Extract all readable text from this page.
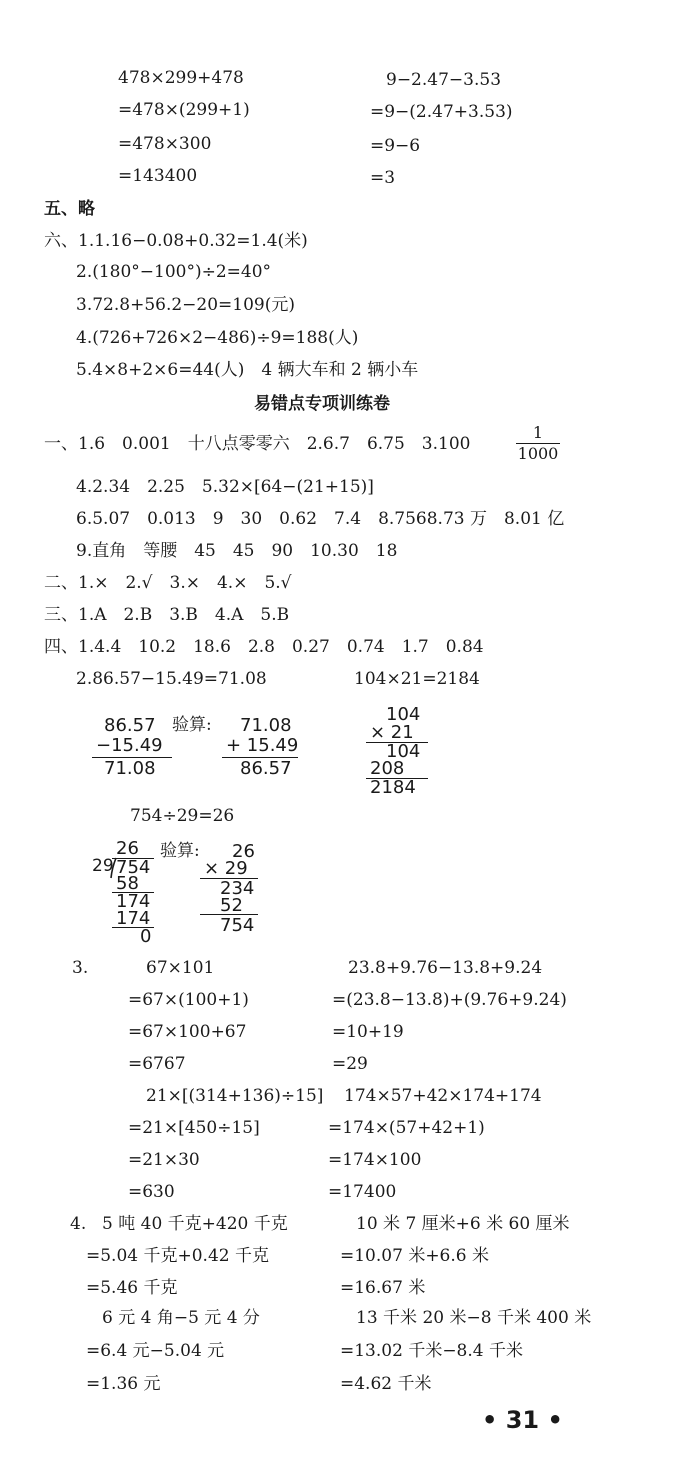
478×299+478
=478×(299+1)
=478×300
=143400
9−2.47−3.53
=9−(2.47+3.53)
=9−6
=3
五、略
六、1.1.16−0.08+0.32=1.4(米)
2.(180°−100°)÷2=40°
3.72.8+56.2−20=109(元)
4.(726+726×2−486)÷9=188(人)
5.4×8+2×6=44(人)　4 辆大车和 2 辆小车
易错点专项训练卷
一、1.6　0.001　十八点零零六　2.6.7　6.75　3.100
1
1000
4.2.34　2.25　5.32×[64−(21+15)]
6.5.07　0.013　9　30　0.62　7.4　8.7568.73 万　8.01 亿
9.直角　等腰　45　45　90　10.30　18
二、1.×　2.√　3.×　4.×　5.√
三、1.A　2.B　3.B　4.A　5.B
四、1.4.4　10.2　18.6　2.8　0.27　0.74　1.7　0.84
2.86.57−15.49=71.08	104×21=2184
86.57 验算:
−15.49
71.08
71.08
+ 15.49
86.57
104
× 21
104
208
2184
754÷29=26
26
29 754
58
174
174
0
验算: 26
× 29
234
52
754
3.	67×101
=67×(100+1)
=67×100+67
=6767
23.8+9.76−13.8+9.24
=(23.8−13.8)+(9.76+9.24)
=10+19
=29
21×[(314+136)÷15]
=21×[450÷15]
=21×30
=630
174×57+42×174+174
=174×(57+42+1)
=174×100
=17400
4. 5 吨 40 千克+420 千克
=5.04 千克+0.42 千克
=5.46 千克
10 米 7 厘米+6 米 60 厘米
=10.07 米+6.6 米
=16.67 米
6 元 4 角−5 元 4 分
=6.4 元−5.04 元
=1.36 元
13 千米 20 米−8 千米 400 米
=13.02 千米−8.4 千米
=4.62 千米
• 31 •
